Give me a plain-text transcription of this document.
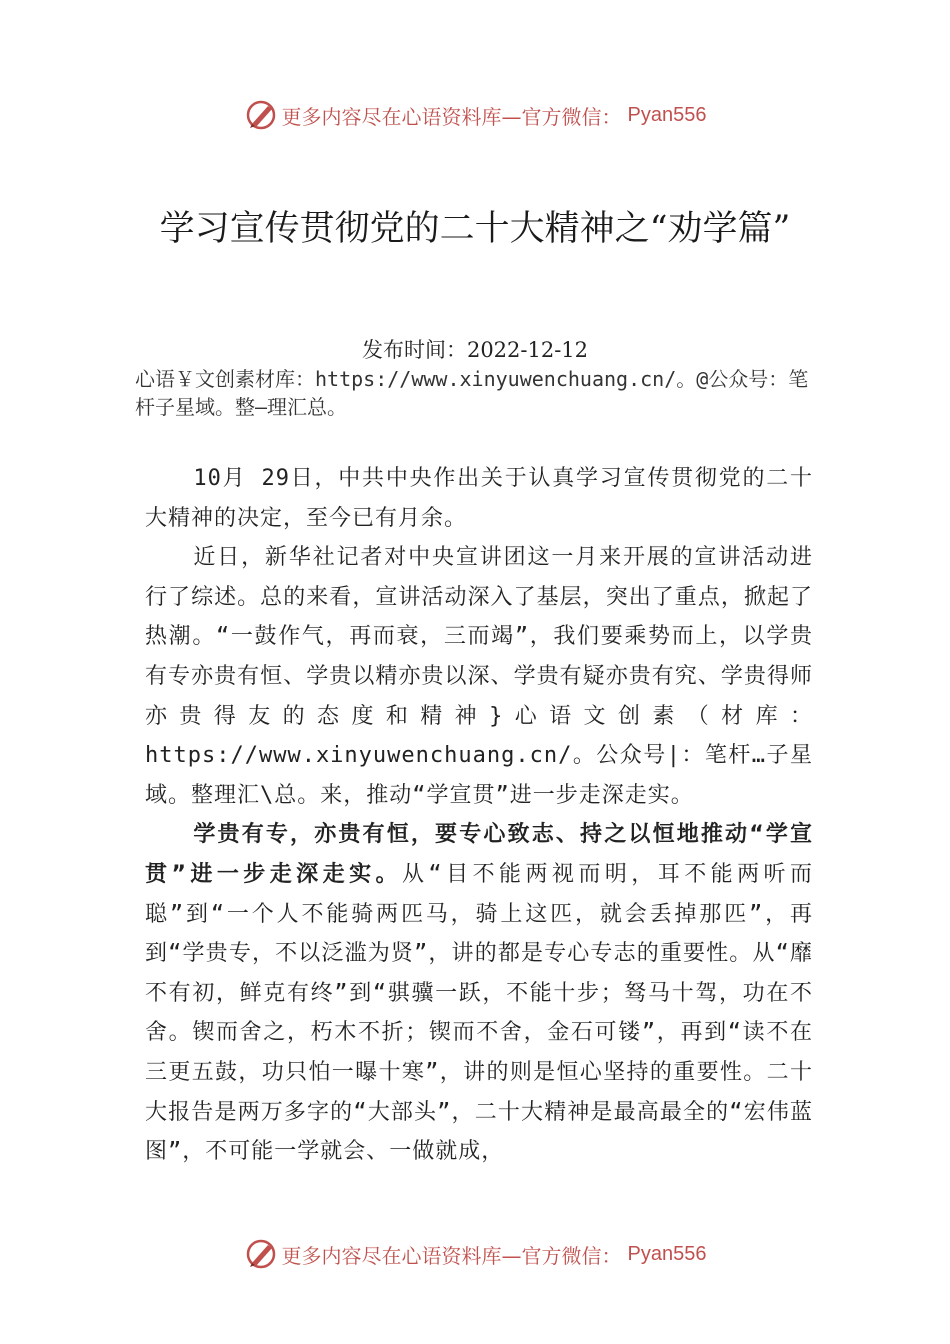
更多内容尽在心语资料库—官方微信： Pyan556
学习宣传贯彻党的二十大精神之“劝学篇”
发布时间：2022-12-12
心语￥文创素材库：https://www.xinyuwenchuang.cn/。@公众号：笔杆子星域。整—理汇总。

10月 29日，中共中央作出关于认真学习宣传贯彻党的二十大精神的决定，至今已有月余。

近日，新华社记者对中央宣讲团这一月来开展的宣讲活动进行了综述。总的来看，宣讲活动深入了基层，突出了重点，掀起了热潮。“一鼓作气，再而衰，三而竭”，我们要乘势而上，以学贵有专亦贵有恒、学贵以精亦贵以深、学贵有疑亦贵有究、学贵得师亦贵得友的态度和精神}心语文创素（材库：https://www.xinyuwenchuang.cn/。公众号|：笔杆…子星域。整理汇\总。来，推动“学宣贯”进一步走深走实。

学贵有专，亦贵有恒，要专心致志、持之以恒地推动“学宣贯”进一步走深走实。从“目不能两视而明，耳不能两听而聪”到“一个人不能骑两匹马，骑上这匹，就会丢掉那匹”，再到“学贵专，不以泛滥为贤”，讲的都是专心专志的重要性。从“靡不有初，鲜克有终”到“骐骥一跃，不能十步；驽马十驾，功在不舍。锲而舍之，朽木不折；锲而不舍，金石可镂”，再到“读不在三更五鼓，功只怕一曝十寒”，讲的则是恒心坚持的重要性。二十大报告是两万多字的“大部头”，二十大精神是最高最全的“宏伟蓝图”，不可能一学就会、一做就成，

更多内容尽在心语资料库—官方微信： Pyan556
